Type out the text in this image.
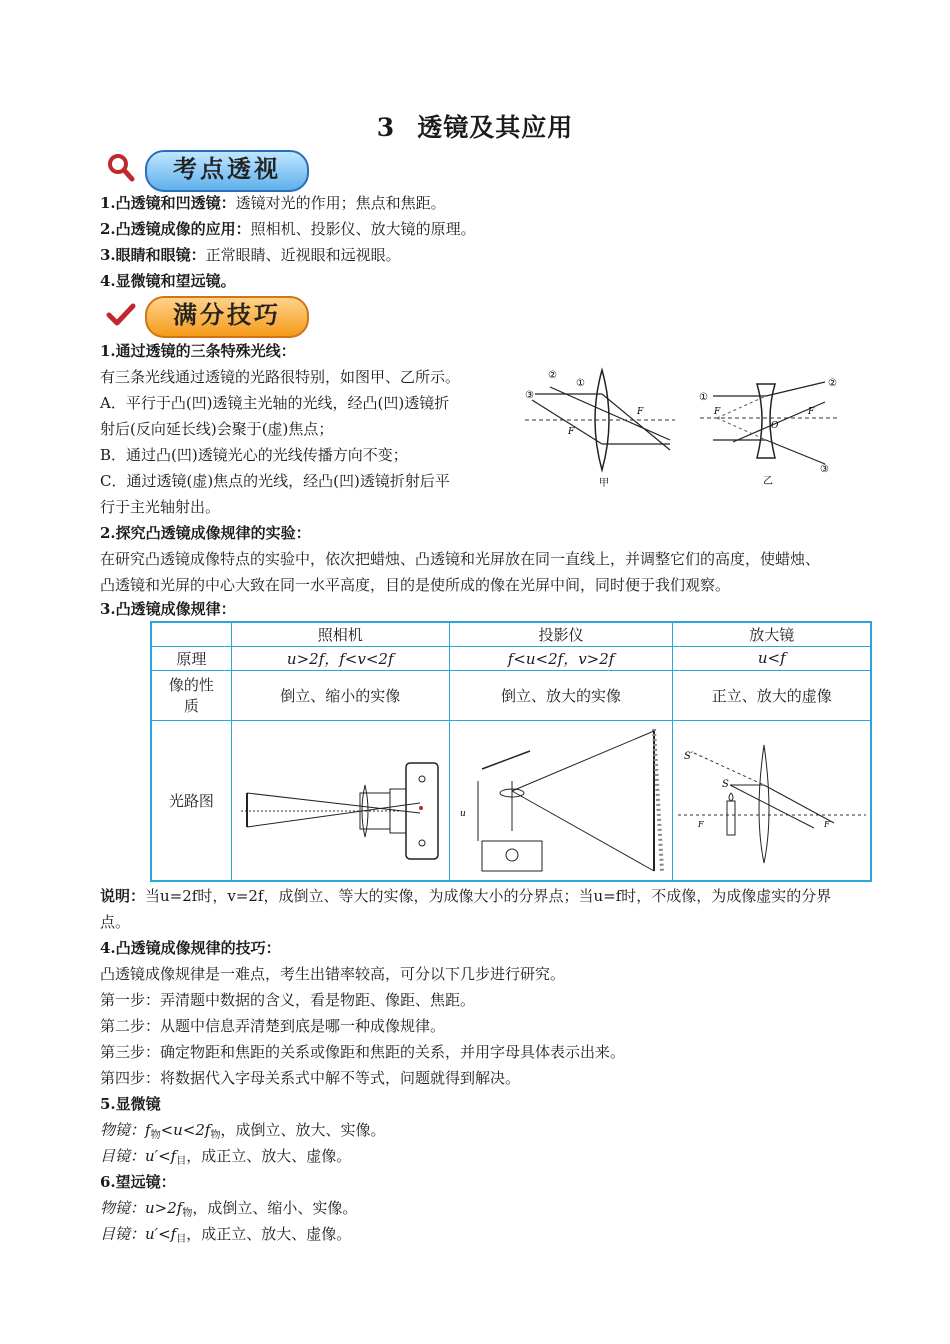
3 透镜及其应用
考点透视
1.凸透镜和凹透镜：透镜对光的作用；焦点和焦距。
2.凸透镜成像的应用：照相机、投影仪、放大镜的原理。
3.眼睛和眼镜：正常眼睛、近视眼和远视眼。
4.显微镜和望远镜。
满分技巧
1.通过透镜的三条特殊光线：
有三条光线通过透镜的光路很特别，如图甲、乙所示。
A．平行于凸(凹)透镜主光轴的光线，经凸(凹)透镜折
射后(反向延长线)会聚于(虚)焦点；
B．通过凸(凹)透镜光心的光线传播方向不变；
C．通过透镜(虚)焦点的光线，经凸(凹)透镜折射后平
行于主光轴射出。
②
①
③
F
F
甲
①
②
③
F	F
O
乙
2.探究凸透镜成像规律的实验：
在研究凸透镜成像特点的实验中，依次把蜡烛、凸透镜和光屏放在同一直线上，并调整它们的高度，使蜡烛、
凸透镜和光屏的中心大致在同一水平高度，目的是使所成的像在光屏中间，同时便于我们观察。
3.凸透镜成像规律：
	照相机	投影仪	放大镜
原理	u>2f，f<v<2f	f<u<2f，v>2f	u<f
像的性
质	倒立、缩小的实像	倒立、放大的实像	正立、放大的虚像
光路图		u	S′
S
F F
说明：当u=2f时，v=2f，成倒立、等大的实像，为成像大小的分界点；当u=f时，不成像，为成像虚实的分界
点。
4.凸透镜成像规律的技巧：
凸透镜成像规律是一难点，考生出错率较高，可分以下几步进行研究。
第一步：弄清题中数据的含义，看是物距、像距、焦距。
第二步：从题中信息弄清楚到底是哪一种成像规律。
第三步：确定物距和焦距的关系或像距和焦距的关系，并用字母具体表示出来。
第四步：将数据代入字母关系式中解不等式，问题就得到解决。
5.显微镜
物镜：$f_物<u<2f_物$，成倒立、放大、实像。
目镜：$u'<f_目$，成正立、放大、虚像。
6.望远镜：
物镜：$u>2f_物$，成倒立、缩小、实像。
目镜：$u'<f_目$，成正立、放大、虚像。
